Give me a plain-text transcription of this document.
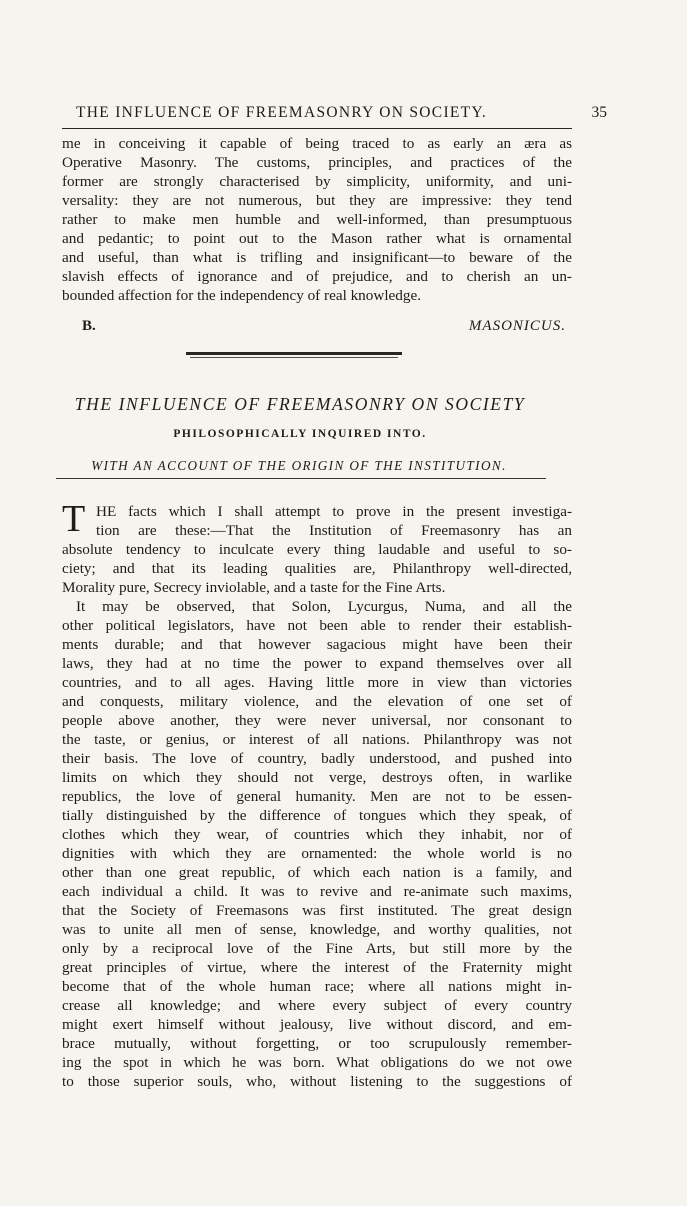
THE INFLUENCE OF FREEMASONRY ON SOCIETY.	35
me in conceiving it capable of being traced to as early an æra as
Operative Masonry. The customs, principles, and practices of the
former are strongly characterised by simplicity, uniformity, and uni-
versality: they are not numerous, but they are impressive: they tend
rather to make men humble and well-informed, than presumptuous
and pedantic; to point out to the Mason rather what is ornamental
and useful, than what is trifling and insignificant—to beware of the
slavish effects of ignorance and of prejudice, and to cherish an un-
bounded affection for the independency of real knowledge.
B.	MASONICUS.
THE INFLUENCE OF FREEMASONRY ON SOCIETY
PHILOSOPHICALLY INQUIRED INTO.
WITH AN ACCOUNT OF THE ORIGIN OF THE INSTITUTION.
T HE facts which I shall attempt to prove in the present investiga-
tion are these:—That the Institution of Freemasonry has an
absolute tendency to inculcate every thing laudable and useful to so-
ciety; and that its leading qualities are, Philanthropy well-directed,
Morality pure, Secrecy inviolable, and a taste for the Fine Arts.
It may be observed, that Solon, Lycurgus, Numa, and all the
other political legislators, have not been able to render their establish-
ments durable; and that however sagacious might have been their
laws, they had at no time the power to expand themselves over all
countries, and to all ages. Having little more in view than victories
and conquests, military violence, and the elevation of one set of
people above another, they were never universal, nor consonant to
the taste, or genius, or interest of all nations. Philanthropy was not
their basis. The love of country, badly understood, and pushed into
limits on which they should not verge, destroys often, in warlike
republics, the love of general humanity. Men are not to be essen-
tially distinguished by the difference of tongues which they speak, of
clothes which they wear, of countries which they inhabit, nor of
dignities with which they are ornamented: the whole world is no
other than one great republic, of which each nation is a family, and
each individual a child. It was to revive and re-animate such maxims,
that the Society of Freemasons was first instituted. The great design
was to unite all men of sense, knowledge, and worthy qualities, not
only by a reciprocal love of the Fine Arts, but still more by the
great principles of virtue, where the interest of the Fraternity might
become that of the whole human race; where all nations might in-
crease all knowledge; and where every subject of every country
might exert himself without jealousy, live without discord, and em-
brace mutually, without forgetting, or too scrupulously remember-
ing the spot in which he was born. What obligations do we not owe
to those superior souls, who, without listening to the suggestions of
